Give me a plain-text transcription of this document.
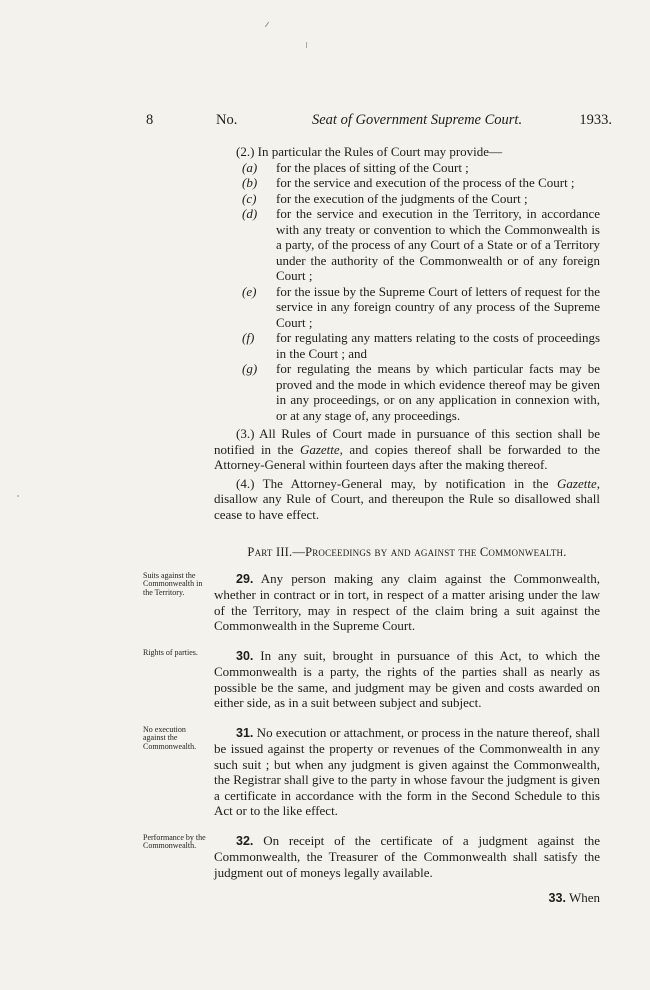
8	No.	Seat of Government Supreme Court.	1933.

(2.) In particular the Rules of Court may provide—

(a) for the places of sitting of the Court ;
(b) for the service and execution of the process of the Court ;
(c) for the execution of the judgments of the Court ;
(d) for the service and execution in the Territory, in accordance with any treaty or convention to which the Commonwealth is a party, of the process of any Court of a State or of a Territory under the authority of the Commonwealth or of any foreign Court ;
(e) for the issue by the Supreme Court of letters of request for the service in any foreign country of any process of the Supreme Court ;
(f) for regulating any matters relating to the costs of proceedings in the Court ; and
(g) for regulating the means by which particular facts may be proved and the mode in which evidence thereof may be given in any proceedings, or on any application in connexion with, or at any stage of, any proceedings.

(3.) All Rules of Court made in pursuance of this section shall be notified in the Gazette, and copies thereof shall be forwarded to the Attorney-General within fourteen days after the making thereof.

(4.) The Attorney-General may, by notification in the Gazette, disallow any Rule of Court, and thereupon the Rule so disallowed shall cease to have effect.

Part III.—Proceedings by and against the Commonwealth.
Suits against the Commonwealth in the Territory.

29. Any person making any claim against the Commonwealth, whether in contract or in tort, in respect of a matter arising under the law of the Territory, may in respect of the claim bring a suit against the Commonwealth in the Supreme Court.

Rights of parties.	30. In any suit, brought in pursuance of this Act, to which the Commonwealth is a party, the rights of the parties shall as nearly as possible be the same, and judgment may be given and costs awarded on either side, as in a suit between subject and subject.

No execution against the Commonwealth.

31. No execution or attachment, or process in the nature thereof, shall be issued against the property or revenues of the Commonwealth in any such suit ; but when any judgment is given against the Commonwealth, the Registrar shall give to the party in whose favour the judgment is given a certificate in accordance with the form in the Second Schedule to this Act or to the like effect.

Performance by the Commonwealth.	32. On receipt of the certificate of a judgment against the Commonwealth, the Treasurer of the Commonwealth shall satisfy the judgment out of moneys legally available.

33. When
